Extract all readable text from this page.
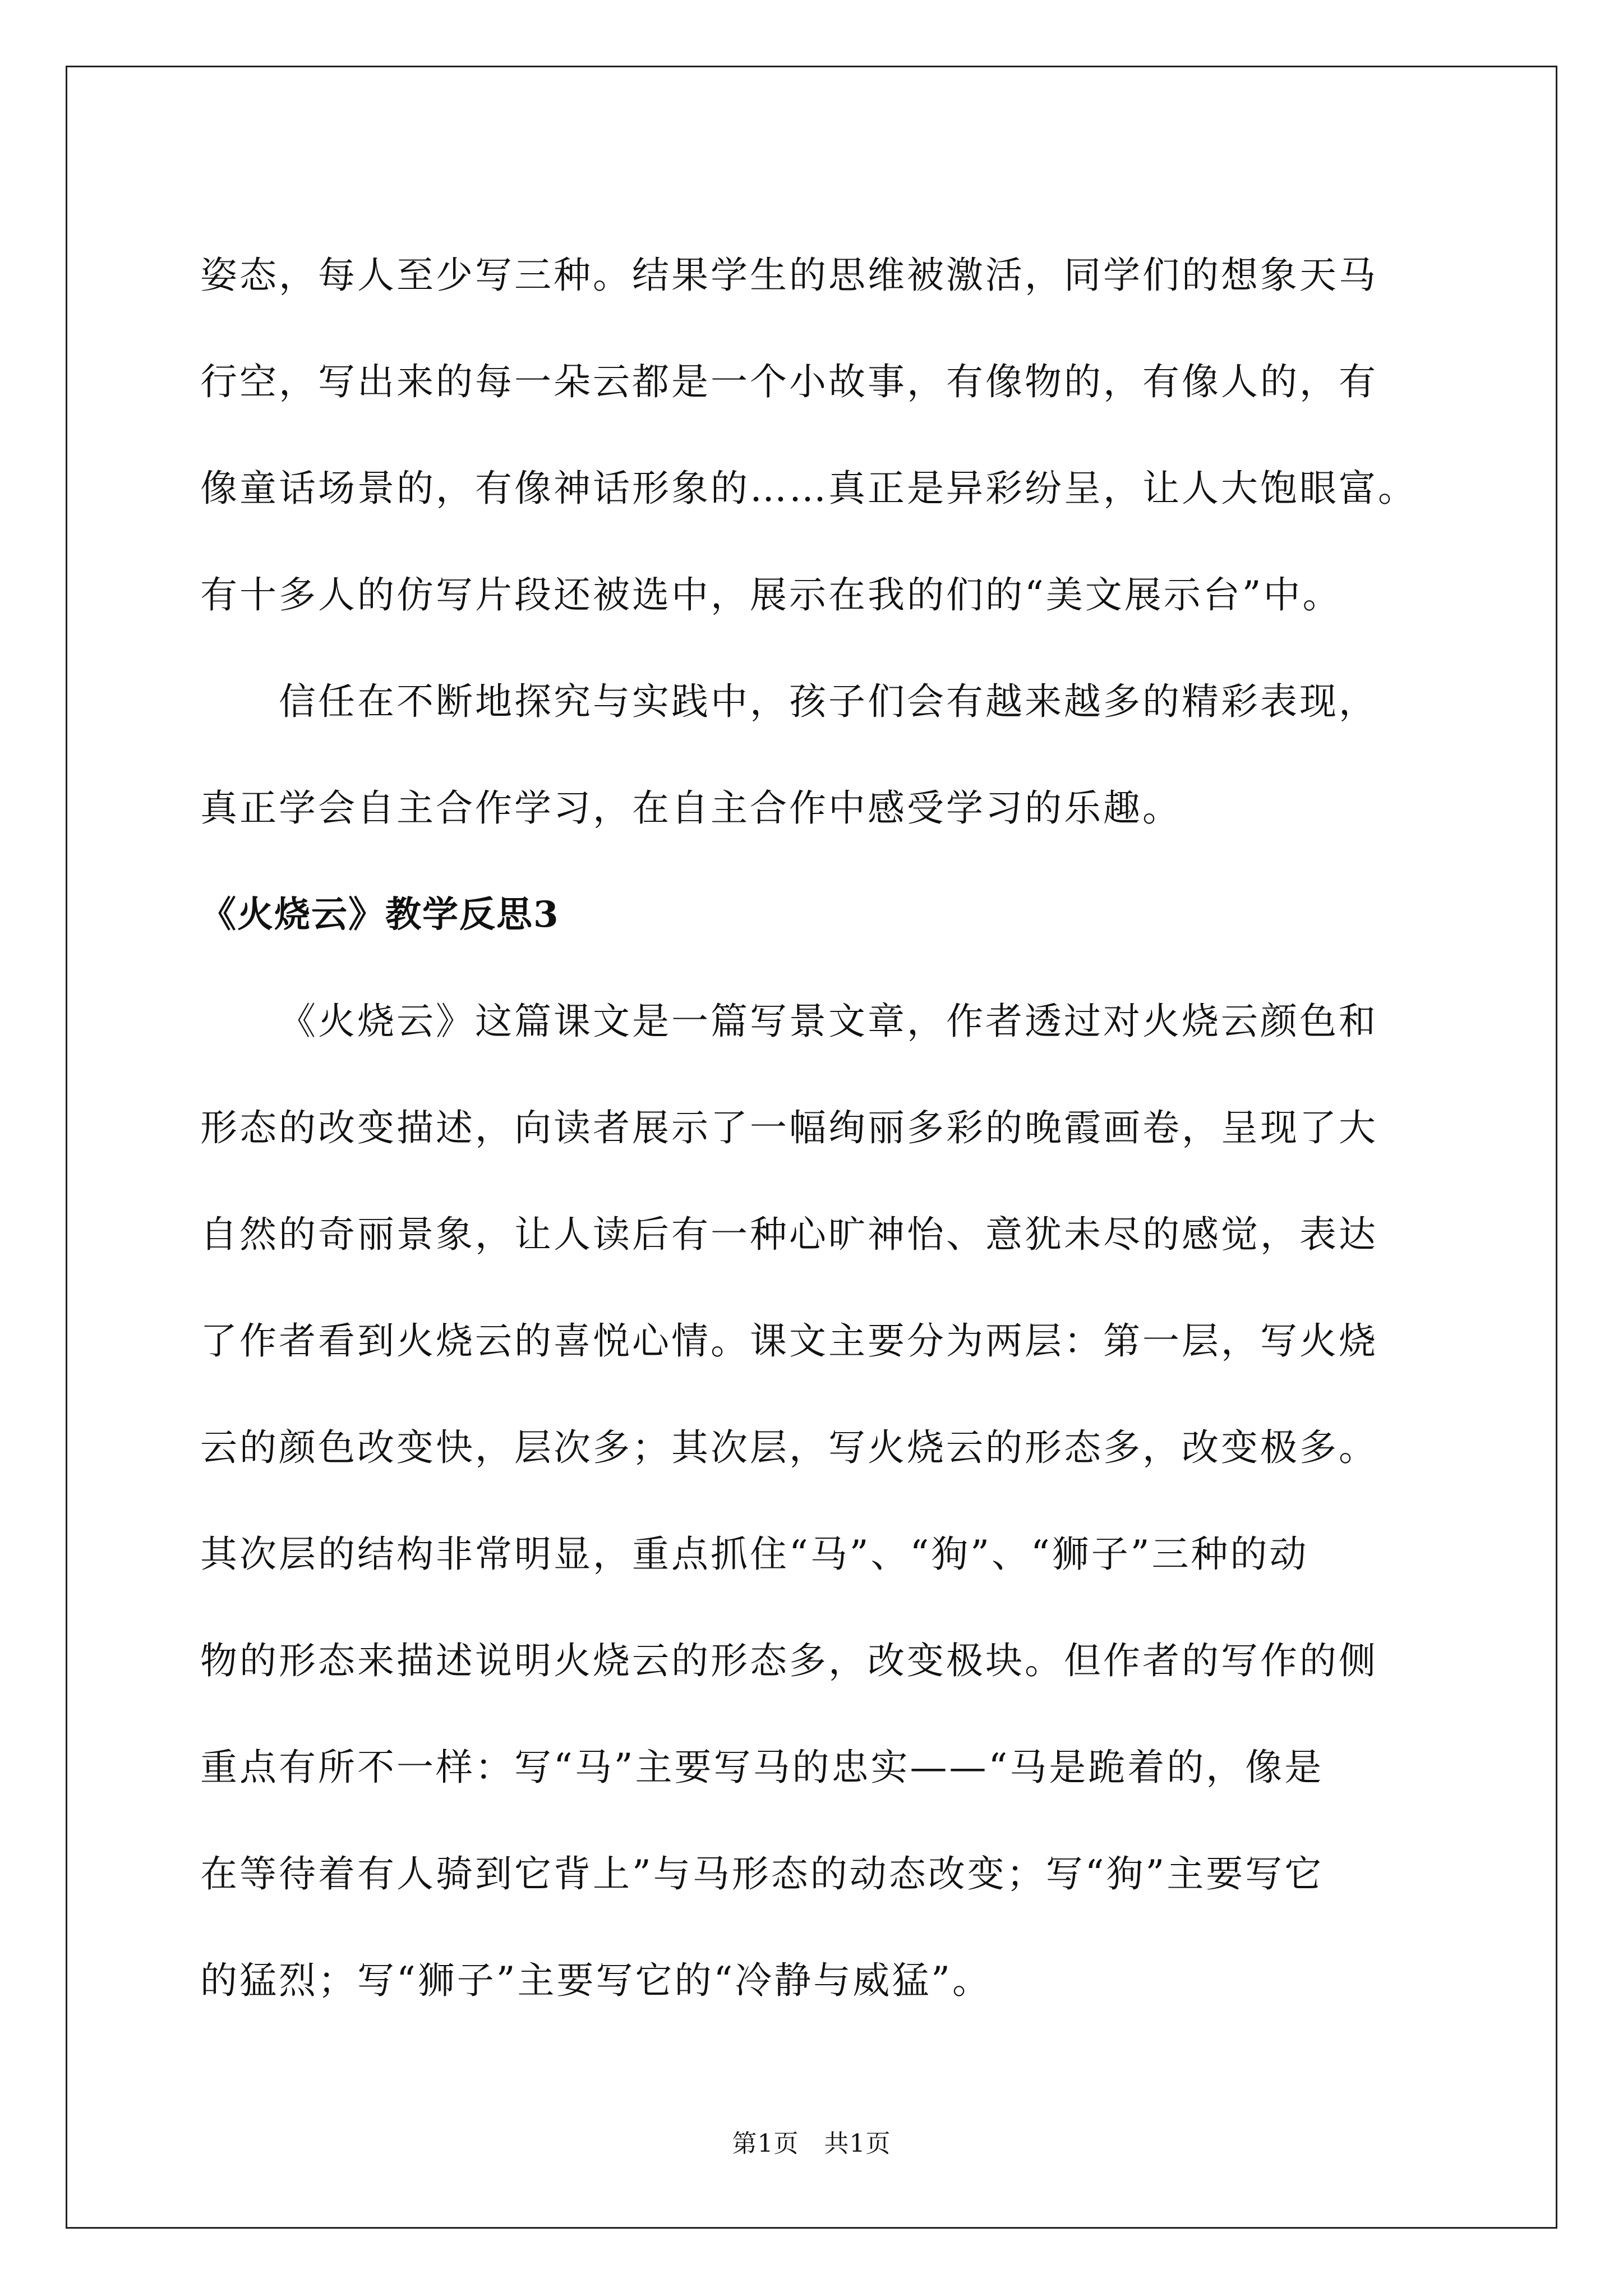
姿态，每人至少写三种。结果学生的思维被激活，同学们的想象天马

行空，写出来的每一朵云都是一个小故事，有像物的，有像人的，有

像童话场景的，有像神话形象的……真正是异彩纷呈，让人大饱眼富。

有十多人的仿写片段还被选中，展示在我的们的“美文展示台”中。

信任在不断地探究与实践中，孩子们会有越来越多的精彩表现，

真正学会自主合作学习，在自主合作中感受学习的乐趣。

《火烧云》教学反思3

《火烧云》这篇课文是一篇写景文章，作者透过对火烧云颜色和

形态的改变描述，向读者展示了一幅绚丽多彩的晚霞画卷，呈现了大

自然的奇丽景象，让人读后有一种心旷神怡、意犹未尽的感觉，表达

了作者看到火烧云的喜悦心情。课文主要分为两层：第一层，写火烧

云的颜色改变快，层次多；其次层，写火烧云的形态多，改变极多。

其次层的结构非常明显，重点抓住“马”、“狗”、“狮子”三种的动

物的形态来描述说明火烧云的形态多，改变极块。但作者的写作的侧

重点有所不一样：写“马”主要写马的忠实——“马是跪着的，像是

在等待着有人骑到它背上”与马形态的动态改变；写“狗”主要写它

的猛烈；写“狮子”主要写它的“冷静与威猛”。

第1页　共1页
